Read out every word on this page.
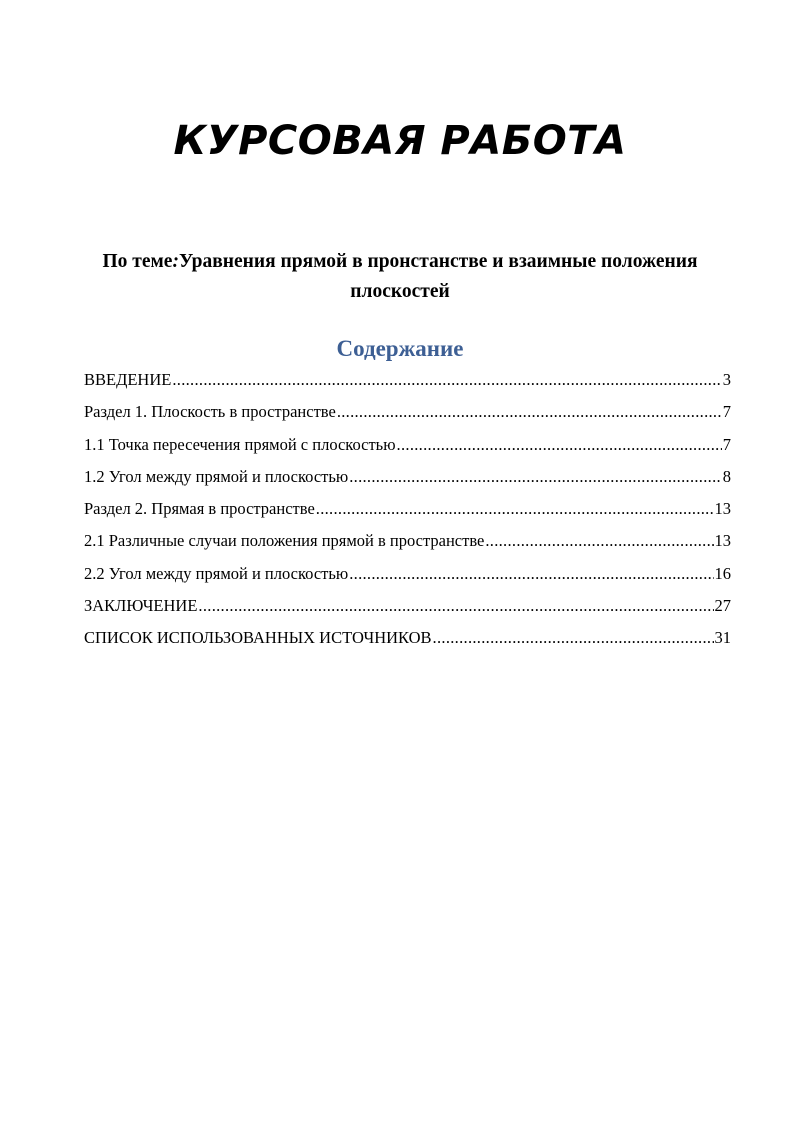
КУРСОВАЯ РАБОТА

По теме:Уравнения прямой в пронстанстве и взаимные положения плоскостей

Содержание
ВВЕДЕНИЕ .....	3
Раздел 1. Плоскость в пространстве .....	7
1.1 Точка пересечения прямой с плоскостью .....	7
1.2 Угол между прямой и плоскостью .....	8
Раздел 2. Прямая в пространстве .....	13
2.1 Различные случаи положения прямой в пространстве .....	13
2.2 Угол между прямой и плоскостью .....	16
ЗАКЛЮЧЕНИЕ .....	27
СПИСОК ИСПОЛЬЗОВАННЫХ ИСТОЧНИКОВ .....	31
